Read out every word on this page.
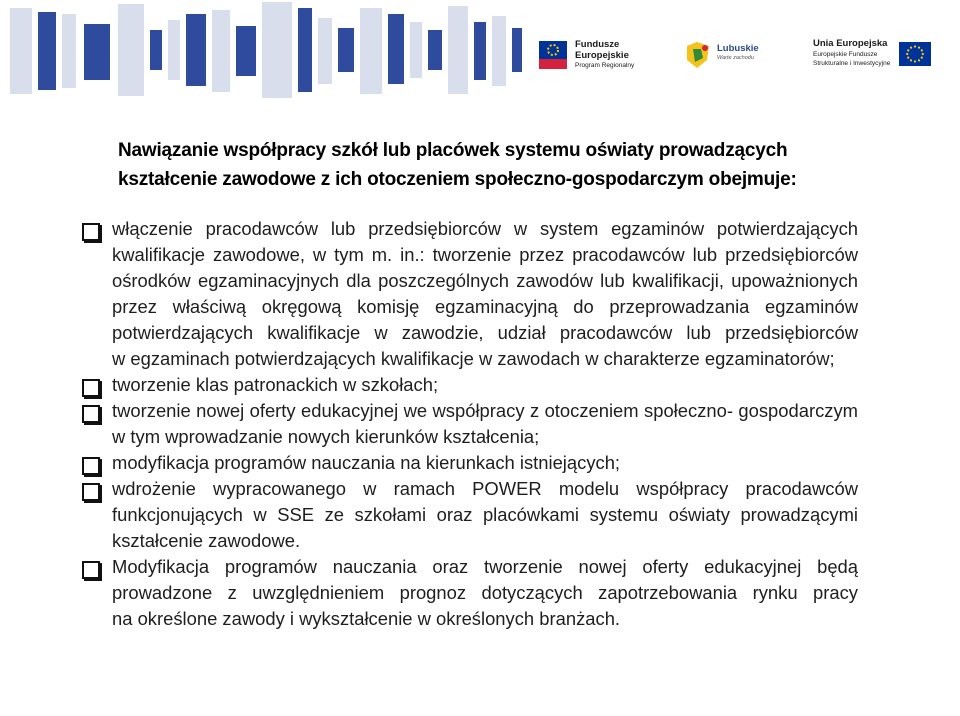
Fundusze
Europejskie
Program Regionalny
Lubuskie
Warte zachodu
Unia Europejska
Europejskie Fundusze
Strukturalne i Inwestycyjne
Nawiązanie współpracy szkół lub placówek systemu oświaty prowadzących
kształcenie zawodowe z ich otoczeniem społeczno-gospodarczym obejmuje:
włączenie pracodawców lub przedsiębiorców w system egzaminów potwierdzających
kwalifikacje zawodowe, w tym m. in.: tworzenie przez pracodawców lub przedsiębiorców
ośrodków egzaminacyjnych dla poszczególnych zawodów lub kwalifikacji, upoważnionych
przez właściwą okręgową komisję egzaminacyjną do przeprowadzania egzaminów
potwierdzających kwalifikacje w zawodzie, udział pracodawców lub przedsiębiorców
w egzaminach potwierdzających kwalifikacje w zawodach w charakterze egzaminatorów;
tworzenie klas patronackich w szkołach;
tworzenie nowej oferty edukacyjnej we współpracy z otoczeniem społeczno- gospodarczym
w tym wprowadzanie nowych kierunków kształcenia;
modyfikacja programów nauczania na kierunkach istniejących;
wdrożenie wypracowanego w ramach POWER modelu współpracy pracodawców
funkcjonujących w SSE ze szkołami oraz placówkami systemu oświaty prowadzącymi
kształcenie zawodowe.
Modyfikacja programów nauczania oraz tworzenie nowej oferty edukacyjnej będą
prowadzone z uwzględnieniem prognoz dotyczących zapotrzebowania rynku pracy
na określone zawody i wykształcenie w określonych branżach.
